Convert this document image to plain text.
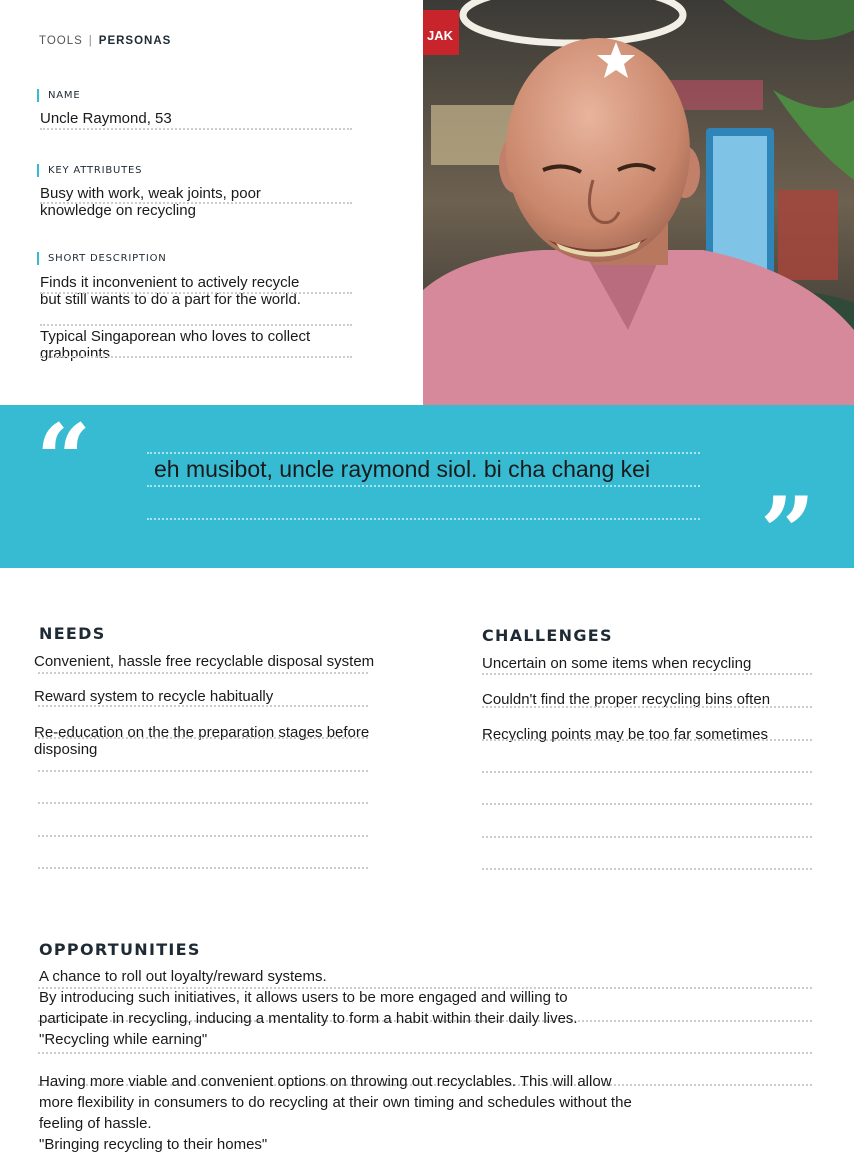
TOOLS | PERSONAS
NAME
Uncle Raymond, 53
KEY ATTRIBUTES
Busy with work, weak joints, poor
knowledge on recycling
SHORT DESCRIPTION
Finds it inconvenient to actively recycle
but still wants to do a part for the world.
Typical Singaporean who loves to collect
grabpoints.
JAK
“	eh musibot, uncle raymond siol. bi cha chang kei
”
NEEDS
Convenient, hassle free recyclable disposal system
Reward system to recycle habitually
Re-education on the the preparation stages before
disposing
CHALLENGES
Uncertain on some items when recycling
Couldn't find the proper recycling bins often
Recycling points may be too far sometimes
OPPORTUNITIES
A chance to roll out loyalty/reward systems.
By introducing such initiatives, it allows users to be more engaged and willing to
participate in recycling, inducing a mentality to form a habit within their daily lives.
"Recycling while earning"
Having more viable and convenient options on throwing out recyclables. This will allow
more flexibility in consumers to do recycling at their own timing and schedules without the
feeling of hassle.
"Bringing recycling to their homes"
